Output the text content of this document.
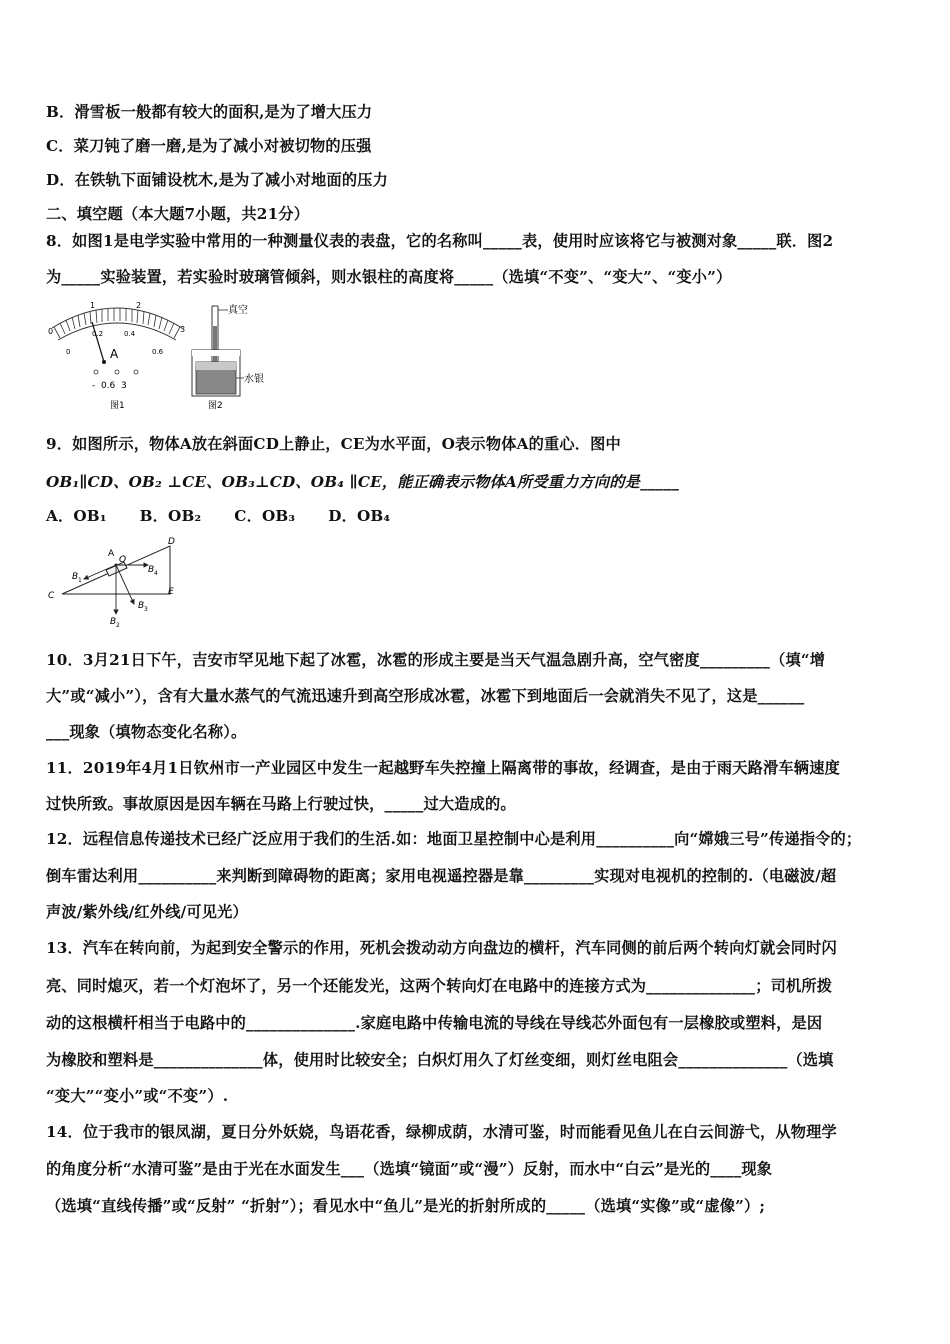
B．滑雪板一般都有较大的面积,是为了增大压力
C．菜刀钝了磨一磨,是为了减小对被切物的压强
D．在铁轨下面铺设枕木,是为了减小对地面的压力
二、填空题（本大题7小题，共21分）
8．如图1是电学实验中常用的一种测量仪表的表盘，它的名称叫_____表，使用时应该将它与被测对象_____联．图2
为_____实验装置，若实验时玻璃管倾斜，则水银柱的高度将_____（选填“不变”、“变大”、“变小”）
0
1	2
3
0
0.2	0.4
0.6
A
-  0.6  3
图1
真空
水银
图2
9．如图所示，物体A放在斜面CD上静止，CE为水平面，O表示物体A的重心．图中
OB₁∥CD、OB₂ ⊥CE、OB₃⊥CD、OB₄ ∥CE，能正确表示物体A所受重力方向的是_____
A．OB₁      B．OB₂      C．OB₃      D．OB₄
A
O
D
C	E
B 1
B 2
B 3
B 4
10．3月21日下午，吉安市罕见地下起了冰雹，冰雹的形成主要是当天气温急剧升高，空气密度_________（填“增
大”或“减小”），含有大量水蒸气的气流迅速升到高空形成冰雹，冰雹下到地面后一会就消失不见了，这是______
___现象（填物态变化名称）。
11．2019年4月1日钦州市一产业园区中发生一起越野车失控撞上隔离带的事故，经调查，是由于雨天路滑车辆速度
过快所致。事故原因是因车辆在马路上行驶过快，_____过大造成的。
12．远程信息传递技术已经广泛应用于我们的生活.如：地面卫星控制中心是利用__________向“嫦娥三号”传递指令的；
倒车雷达利用__________来判断到障碍物的距离；家用电视遥控器是靠_________实现对电视机的控制的.（电磁波/超
声波/紫外线/红外线/可见光）
13．汽车在转向前，为起到安全警示的作用，死机会拨动动方向盘边的横杆，汽车同侧的前后两个转向灯就会同时闪
亮、同时熄灭，若一个灯泡坏了，另一个还能发光，这两个转向灯在电路中的连接方式为______________；司机所拨
动的这根横杆相当于电路中的______________.家庭电路中传输电流的导线在导线芯外面包有一层橡胶或塑料，是因
为橡胶和塑料是______________体，使用时比较安全；白炽灯用久了灯丝变细，则灯丝电阻会______________（选填
“变大”“变小”或“不变”）.
14．位于我市的银凤湖，夏日分外妖娆，鸟语花香，绿柳成荫，水清可鉴，时而能看见鱼儿在白云间游弋，从物理学
的角度分析“水清可鉴”是由于光在水面发生___（选填“镜面”或“漫”）反射，而水中“白云”是光的____现象
（选填“直线传播”或“反射” “折射”）；看见水中“鱼儿”是光的折射所成的_____（选填“实像”或“虚像”）;
